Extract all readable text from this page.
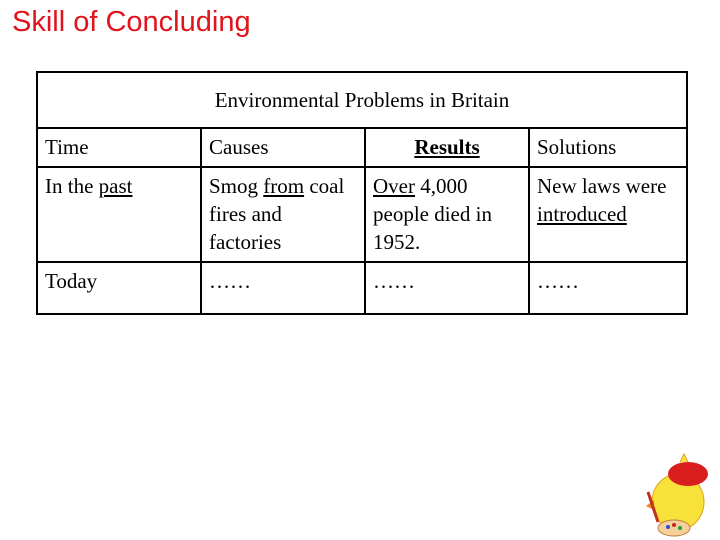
Skill of Concluding
Environmental Problems in Britain			
Time	Causes	Results	Solutions
In the past	Smog from coal fires and factories	Over 4,000 people died in 1952.	New laws were introduced
Today	……	……	……
